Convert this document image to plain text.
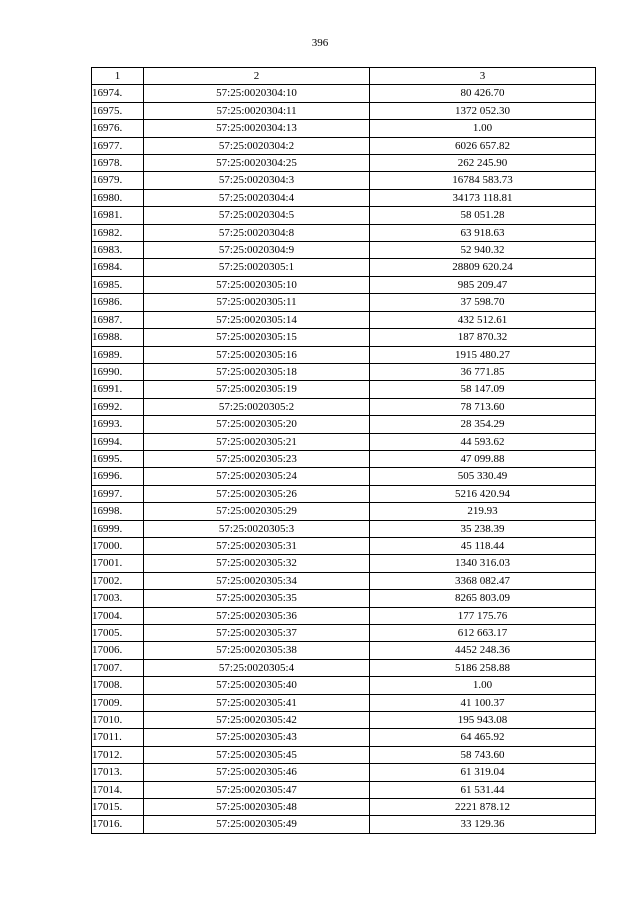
396
1	2	3
16974.	57:25:0020304:10	80 426.70
16975.	57:25:0020304:11	1372 052.30
16976.	57:25:0020304:13	1.00
16977.	57:25:0020304:2	6026 657.82
16978.	57:25:0020304:25	262 245.90
16979.	57:25:0020304:3	16784 583.73
16980.	57:25:0020304:4	34173 118.81
16981.	57:25:0020304:5	58 051.28
16982.	57:25:0020304:8	63 918.63
16983.	57:25:0020304:9	52 940.32
16984.	57:25:0020305:1	28809 620.24
16985.	57:25:0020305:10	985 209.47
16986.	57:25:0020305:11	37 598.70
16987.	57:25:0020305:14	432 512.61
16988.	57:25:0020305:15	187 870.32
16989.	57:25:0020305:16	1915 480.27
16990.	57:25:0020305:18	36 771.85
16991.	57:25:0020305:19	58 147.09
16992.	57:25:0020305:2	78 713.60
16993.	57:25:0020305:20	28 354.29
16994.	57:25:0020305:21	44 593.62
16995.	57:25:0020305:23	47 099.88
16996.	57:25:0020305:24	505 330.49
16997.	57:25:0020305:26	5216 420.94
16998.	57:25:0020305:29	219.93
16999.	57:25:0020305:3	35 238.39
17000.	57:25:0020305:31	45 118.44
17001.	57:25:0020305:32	1340 316.03
17002.	57:25:0020305:34	3368 082.47
17003.	57:25:0020305:35	8265 803.09
17004.	57:25:0020305:36	177 175.76
17005.	57:25:0020305:37	612 663.17
17006.	57:25:0020305:38	4452 248.36
17007.	57:25:0020305:4	5186 258.88
17008.	57:25:0020305:40	1.00
17009.	57:25:0020305:41	41 100.37
17010.	57:25:0020305:42	195 943.08
17011.	57:25:0020305:43	64 465.92
17012.	57:25:0020305:45	58 743.60
17013.	57:25:0020305:46	61 319.04
17014.	57:25:0020305:47	61 531.44
17015.	57:25:0020305:48	2221 878.12
17016.	57:25:0020305:49	33 129.36
